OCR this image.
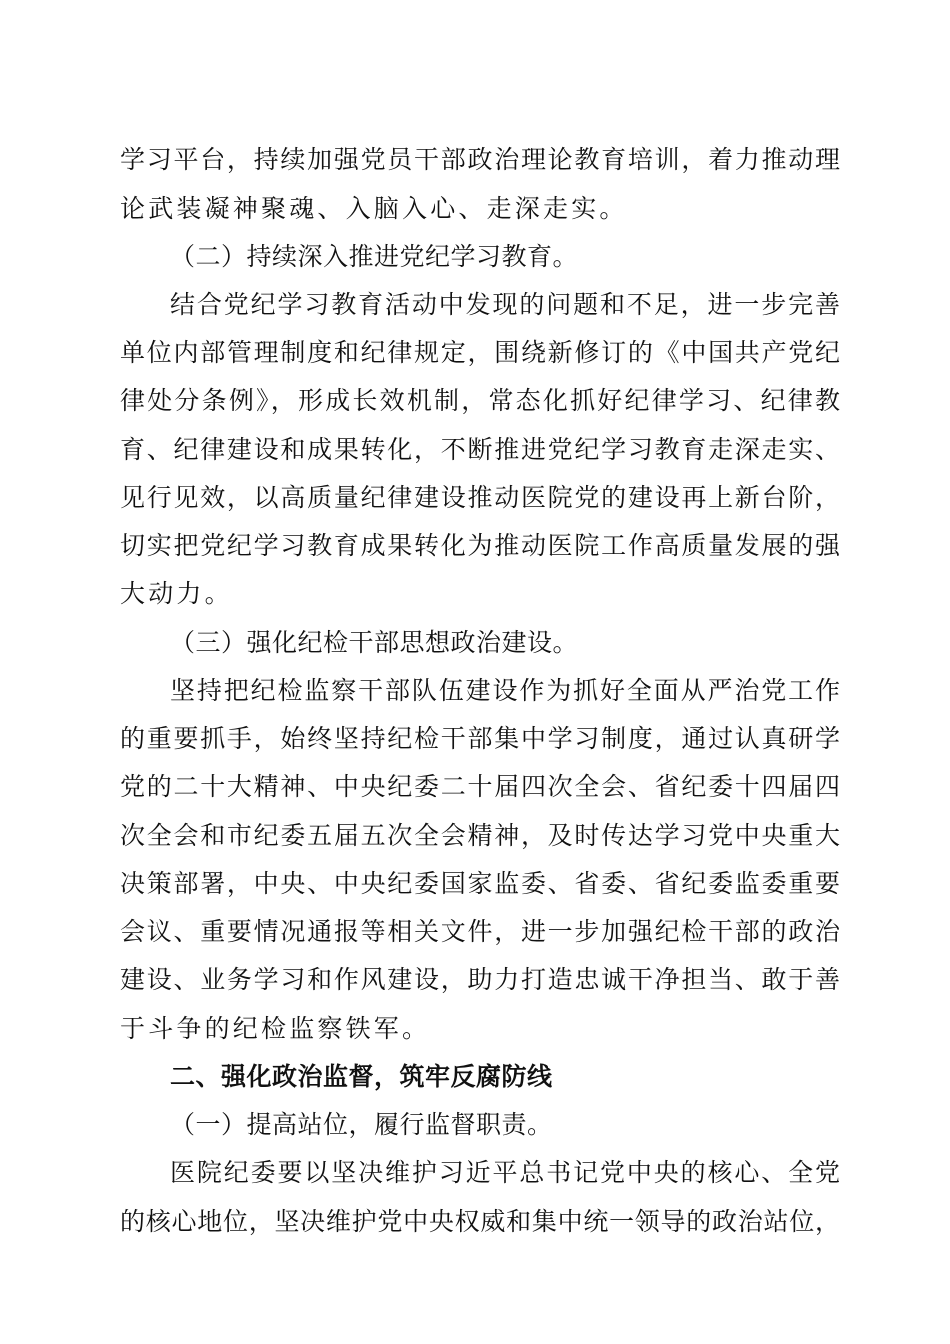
学习平台，持续加强党员干部政治理论教育培训，着力推动理
论武装凝神聚魂、入脑入心、走深走实。
（二）持续深入推进党纪学习教育。
结合党纪学习教育活动中发现的问题和不足，进一步完善
单位内部管理制度和纪律规定，围绕新修订的《中国共产党纪
律处分条例》，形成长效机制，常态化抓好纪律学习、纪律教
育、纪律建设和成果转化，不断推进党纪学习教育走深走实、
见行见效，以高质量纪律建设推动医院党的建设再上新台阶，
切实把党纪学习教育成果转化为推动医院工作高质量发展的强
大动力。
（三）强化纪检干部思想政治建设。
坚持把纪检监察干部队伍建设作为抓好全面从严治党工作
的重要抓手，始终坚持纪检干部集中学习制度，通过认真研学
党的二十大精神、中央纪委二十届四次全会、省纪委十四届四
次全会和市纪委五届五次全会精神，及时传达学习党中央重大
决策部署，中央、中央纪委国家监委、省委、省纪委监委重要
会议、重要情况通报等相关文件，进一步加强纪检干部的政治
建设、业务学习和作风建设，助力打造忠诚干净担当、敢于善
于斗争的纪检监察铁军。
二、强化政治监督，筑牢反腐防线
（一）提高站位，履行监督职责。
医院纪委要以坚决维护习近平总书记党中央的核心、全党
的核心地位，坚决维护党中央权威和集中统一领导的政治站位，
